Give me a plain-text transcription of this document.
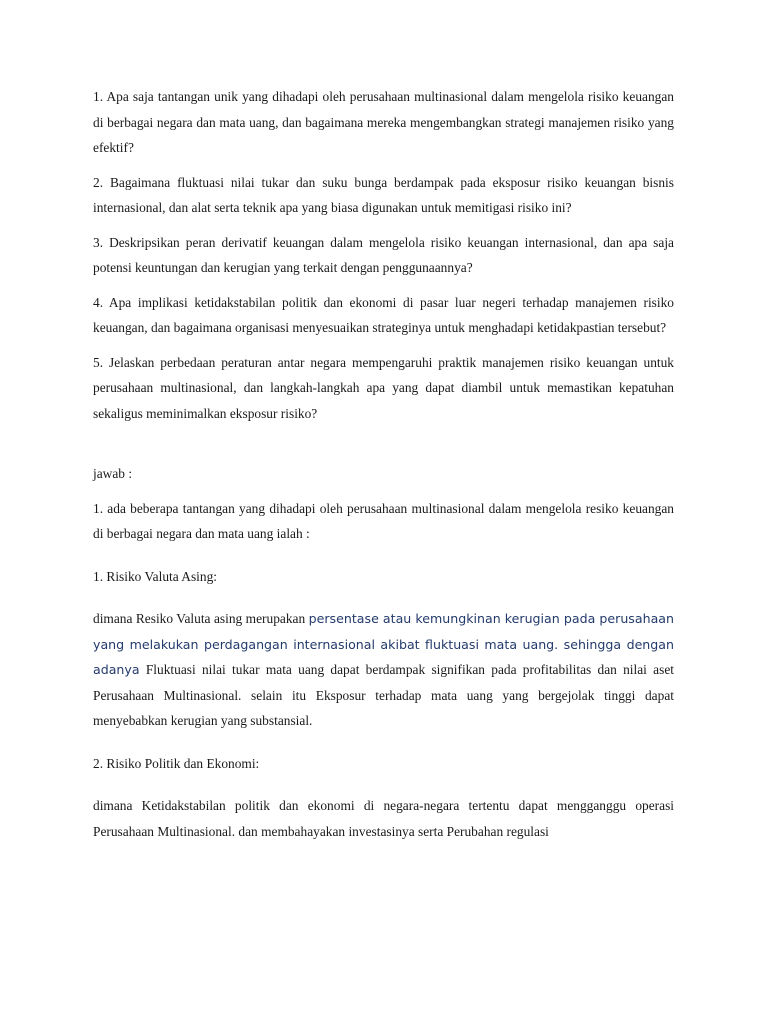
1. Apa saja tantangan unik yang dihadapi oleh perusahaan multinasional dalam mengelola risiko keuangan di berbagai negara dan mata uang, dan bagaimana mereka mengembangkan strategi manajemen risiko yang efektif?

2. Bagaimana fluktuasi nilai tukar dan suku bunga berdampak pada eksposur risiko keuangan bisnis internasional, dan alat serta teknik apa yang biasa digunakan untuk memitigasi risiko ini?

3. Deskripsikan peran derivatif keuangan dalam mengelola risiko keuangan internasional, dan apa saja potensi keuntungan dan kerugian yang terkait dengan penggunaannya?

4. Apa implikasi ketidakstabilan politik dan ekonomi di pasar luar negeri terhadap manajemen risiko keuangan, dan bagaimana organisasi menyesuaikan strateginya untuk menghadapi ketidakpastian tersebut?

5. Jelaskan perbedaan peraturan antar negara mempengaruhi praktik manajemen risiko keuangan untuk perusahaan multinasional, dan langkah-langkah apa yang dapat diambil untuk memastikan kepatuhan sekaligus meminimalkan eksposur risiko?

jawab :

1. ada beberapa tantangan yang dihadapi oleh perusahaan multinasional dalam mengelola resiko keuangan di berbagai negara dan mata uang ialah :

1. Risiko Valuta Asing:

dimana Resiko Valuta asing merupakan persentase atau kemungkinan kerugian pada perusahaan yang melakukan perdagangan internasional akibat fluktuasi mata uang. sehingga dengan adanya Fluktuasi nilai tukar mata uang dapat berdampak signifikan pada profitabilitas dan nilai aset Perusahaan Multinasional. selain itu Eksposur terhadap mata uang yang bergejolak tinggi dapat menyebabkan kerugian yang substansial.

2. Risiko Politik dan Ekonomi:

dimana Ketidakstabilan politik dan ekonomi di negara-negara tertentu dapat mengganggu operasi Perusahaan Multinasional. dan membahayakan investasinya serta Perubahan regulasi
